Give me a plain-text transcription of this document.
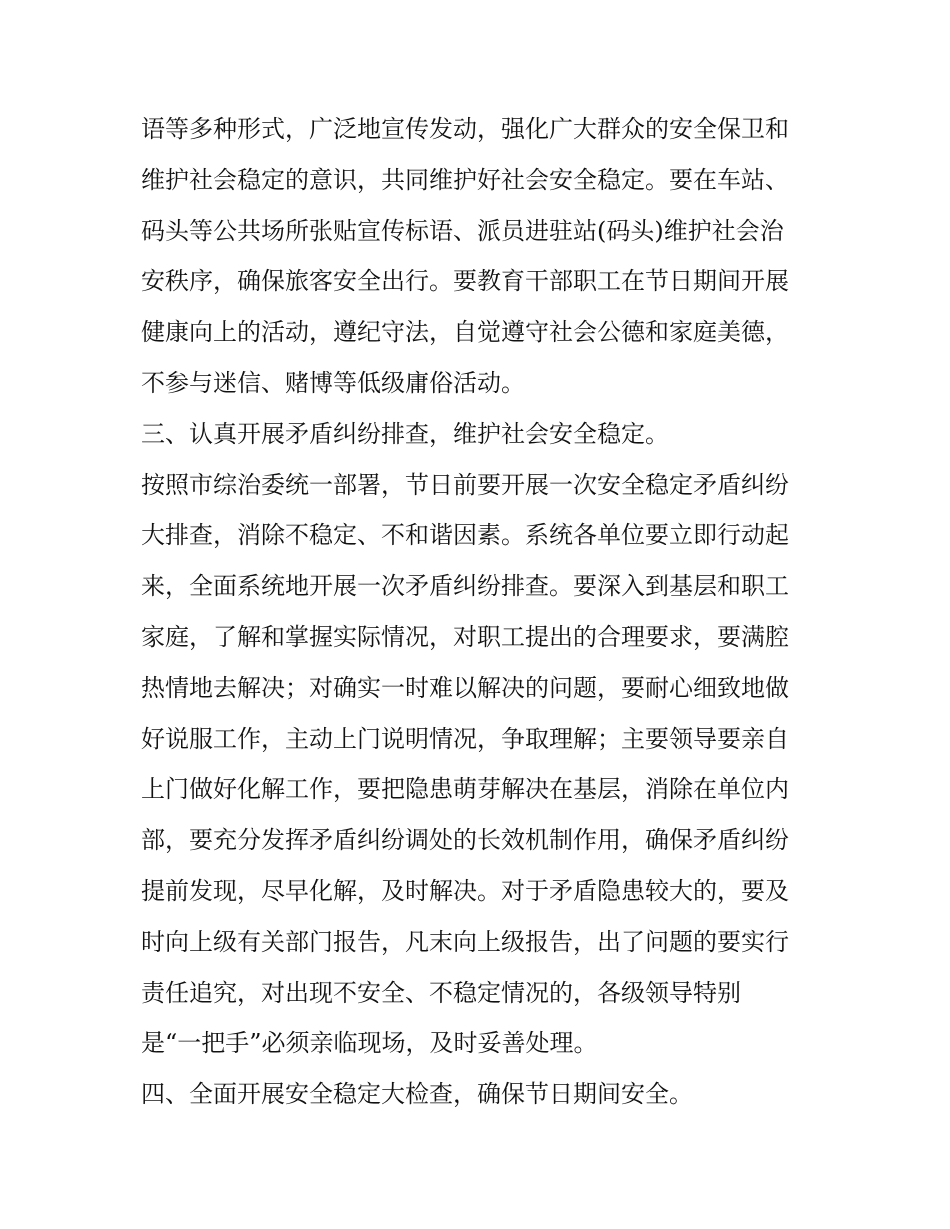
语等多种形式，广泛地宣传发动，强化广大群众的安全保卫和
维护社会稳定的意识，共同维护好社会安全稳定。要在车站、
码头等公共场所张贴宣传标语、派员进驻站(码头)维护社会治
安秩序，确保旅客安全出行。要教育干部职工在节日期间开展
健康向上的活动，遵纪守法，自觉遵守社会公德和家庭美德，
不参与迷信、赌博等低级庸俗活动。
三、认真开展矛盾纠纷排查，维护社会安全稳定。
按照市综治委统一部署，节日前要开展一次安全稳定矛盾纠纷
大排查，消除不稳定、不和谐因素。系统各单位要立即行动起
来，全面系统地开展一次矛盾纠纷排查。要深入到基层和职工
家庭，了解和掌握实际情况，对职工提出的合理要求，要满腔
热情地去解决；对确实一时难以解决的问题，要耐心细致地做
好说服工作，主动上门说明情况，争取理解；主要领导要亲自
上门做好化解工作，要把隐患萌芽解决在基层，消除在单位内
部，要充分发挥矛盾纠纷调处的长效机制作用，确保矛盾纠纷
提前发现，尽早化解，及时解决。对于矛盾隐患较大的，要及
时向上级有关部门报告，凡末向上级报告，出了问题的要实行
责任追究，对出现不安全、不稳定情况的，各级领导特别
是“一把手”必须亲临现场，及时妥善处理。
四、全面开展安全稳定大检查，确保节日期间安全。
